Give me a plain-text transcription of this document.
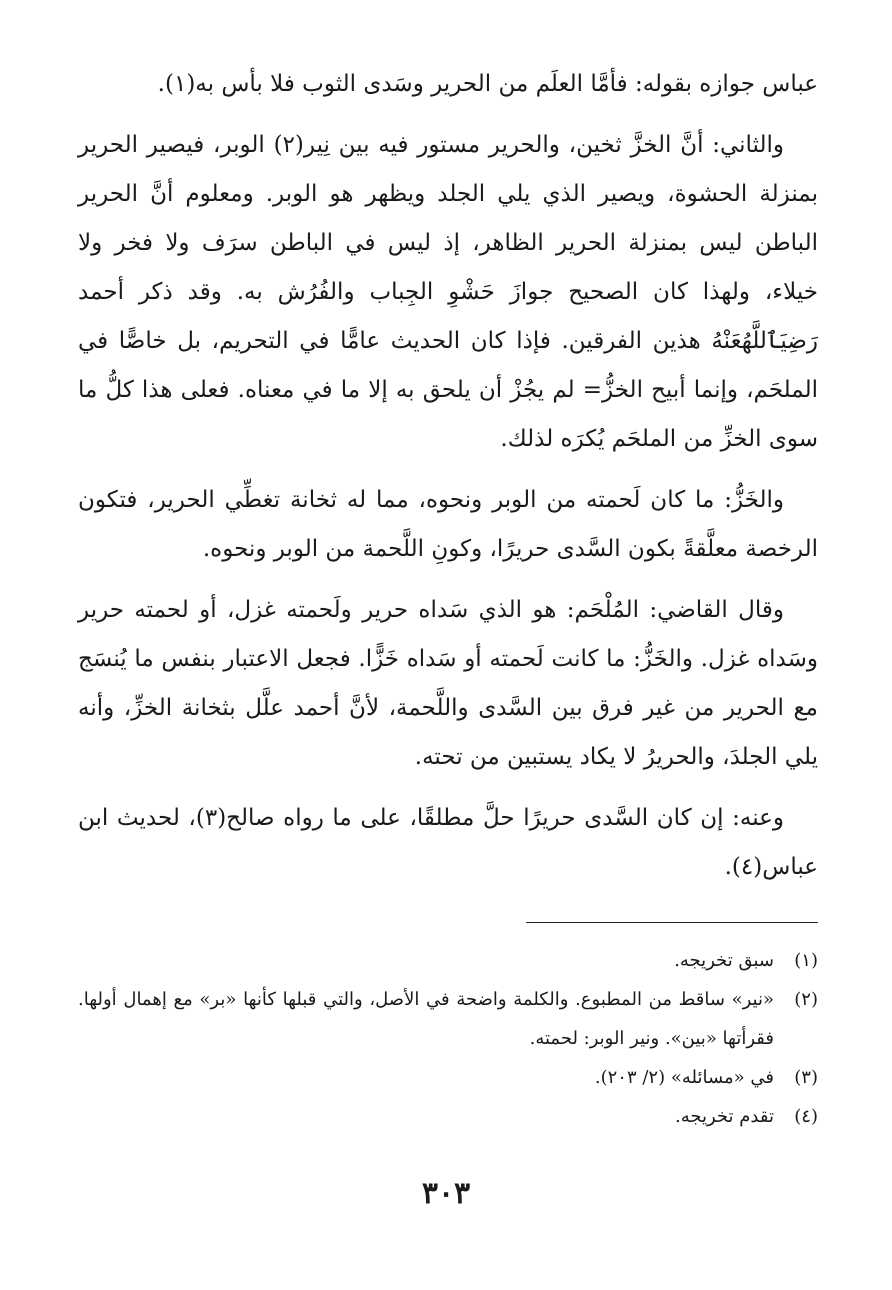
عباس جوازه بقوله: فأمَّا العلَم من الحرير وسَدى الثوب فلا بأس به(١).

والثاني: أنَّ الخزَّ ثخين، والحرير مستور فيه بين نِير(٢) الوبر، فيصير الحرير بمنزلة الحشوة، ويصير الذي يلي الجلد ويظهر هو الوبر. ومعلوم أنَّ الحرير الباطن ليس بمنزلة الحرير الظاهر، إذ ليس في الباطن سرَف ولا فخر ولا خيلاء، ولهذا كان الصحيح جوازَ حَشْوِ الجِباب والفُرُش به. وقد ذكر أحمد رَضِيَٱللَّهُعَنْهُ هذين الفرقين. فإذا كان الحديث عامًّا في التحريم، بل خاصًّا في الملحَم، وإنما أبيح الخزُّ= لم يجُزْ أن يلحق به إلا ما في معناه. فعلى هذا كلُّ ما سوى الخزِّ من الملحَم يُكرَه لذلك.

والخَزُّ: ما كان لَحمته من الوبر ونحوه، مما له ثخانة تغطِّي الحرير، فتكون الرخصة معلَّقةً بكون السَّدى حريرًا، وكونِ اللَّحمة من الوبر ونحوه.

وقال القاضي: المُلْحَم: هو الذي سَداه حرير ولَحمته غزل، أو لحمته حرير وسَداه غزل. والخَزُّ: ما كانت لَحمته أو سَداه خَزًّا. فجعل الاعتبار بنفس ما يُنسَج مع الحرير من غير فرق بين السَّدى واللَّحمة، لأنَّ أحمد علَّل بثخانة الخزِّ، وأنه يلي الجلدَ، والحريرُ لا يكاد يستبين من تحته.

وعنه: إن كان السَّدى حريرًا حلَّ مطلقًا، على ما رواه صالح(٣)، لحديث ابن عباس(٤).

(١)
سبق تخريجه.
(٢)
«نير» ساقط من المطبوع. والكلمة واضحة في الأصل، والتي قبلها كأنها «بر» مع إهمال أولها. فقرأتها «بين». ونير الوبر: لحمته.
(٣)
في «مسائله» (٢/ ٢٠٣).
(٤)
تقدم تخريجه.
٣٠٣
